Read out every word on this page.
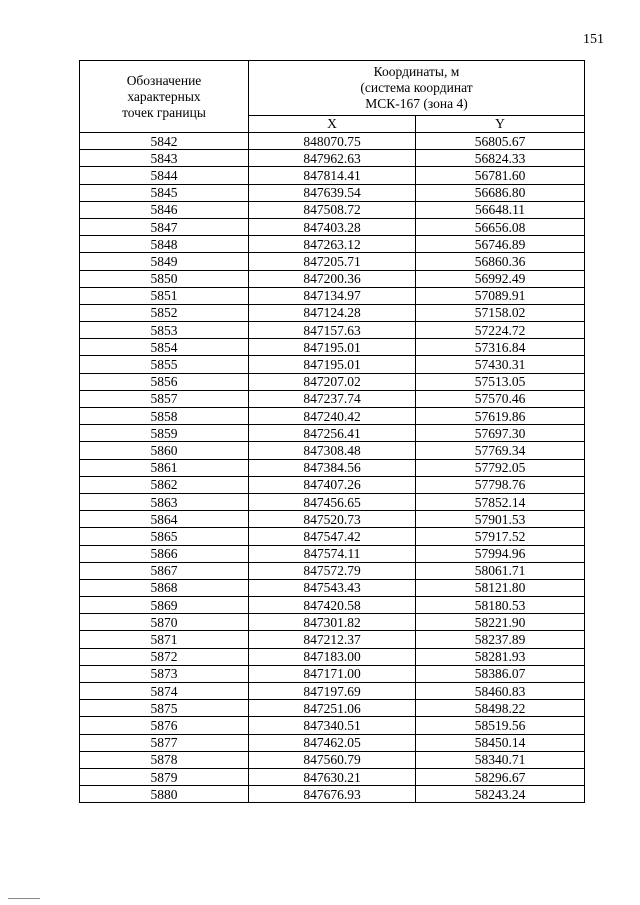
151
Обозначение
характерных
точек границы	Координаты, м
(система координат
МСК-167 (зона 4)	

	X	Y
5842	848070.75	56805.67
5843	847962.63	56824.33
5844	847814.41	56781.60
5845	847639.54	56686.80
5846	847508.72	56648.11
5847	847403.28	56656.08
5848	847263.12	56746.89
5849	847205.71	56860.36
5850	847200.36	56992.49
5851	847134.97	57089.91
5852	847124.28	57158.02
5853	847157.63	57224.72
5854	847195.01	57316.84
5855	847195.01	57430.31
5856	847207.02	57513.05
5857	847237.74	57570.46
5858	847240.42	57619.86
5859	847256.41	57697.30
5860	847308.48	57769.34
5861	847384.56	57792.05
5862	847407.26	57798.76
5863	847456.65	57852.14
5864	847520.73	57901.53
5865	847547.42	57917.52
5866	847574.11	57994.96
5867	847572.79	58061.71
5868	847543.43	58121.80
5869	847420.58	58180.53
5870	847301.82	58221.90
5871	847212.37	58237.89
5872	847183.00	58281.93
5873	847171.00	58386.07
5874	847197.69	58460.83
5875	847251.06	58498.22
5876	847340.51	58519.56
5877	847462.05	58450.14
5878	847560.79	58340.71
5879	847630.21	58296.67
5880	847676.93	58243.24
